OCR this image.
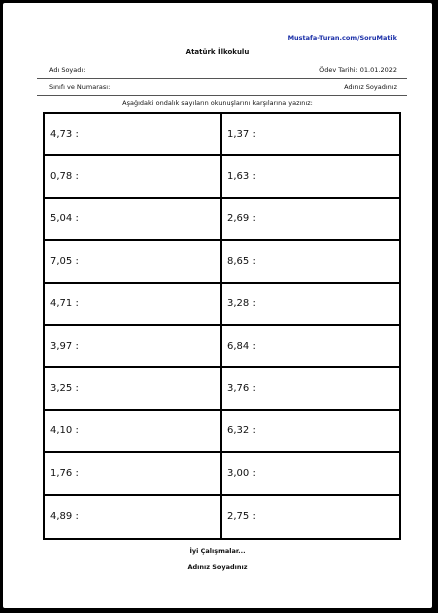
Mustafa-Turan.com/SoruMatik
Atatürk İlkokulu
Adı Soyadı:	Ödev Tarihi: 01.01.2022
Sınıfı ve Numarası:	Adınız Soyadınız
Aşağıdaki ondalık sayıların okunuşlarını karşılarına yazınız:
4,73 :	1,37 :
0,78 :	1,63 :
5,04 :	2,69 :
7,05 :	8,65 :
4,71 :	3,28 :
3,97 :	6,84 :
3,25 :	3,76 :
4,10 :	6,32 :
1,76 :	3,00 :
4,89 :	2,75 :
İyi Çalışmalar...
Adınız Soyadınız
